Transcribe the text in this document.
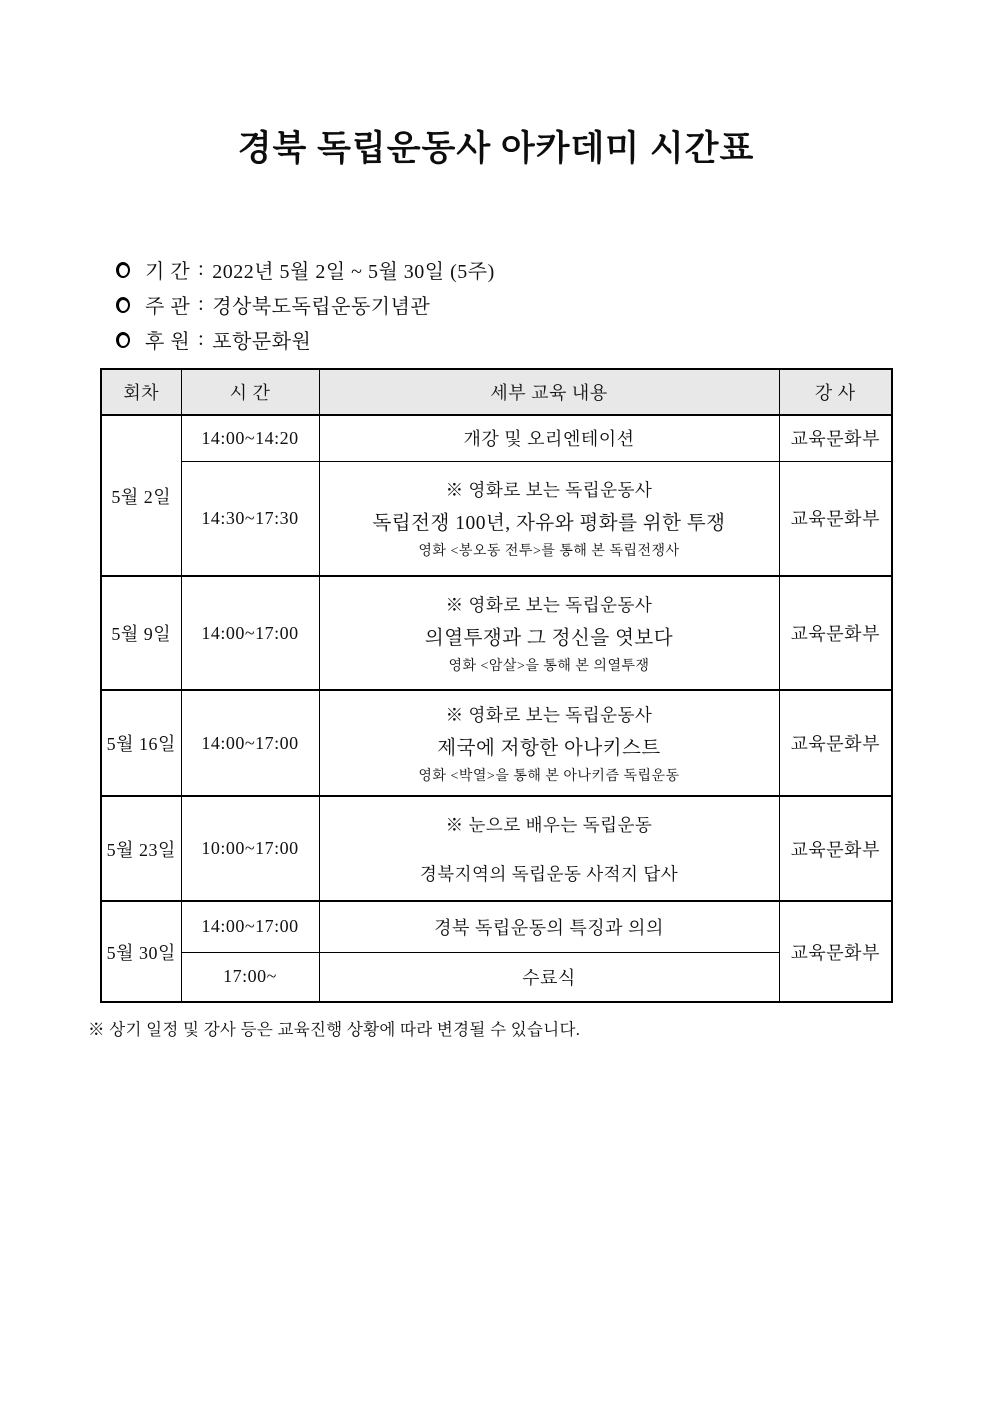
경북 독립운동사 아카데미 시간표
기 간 : 2022년 5월 2일 ~ 5월 30일 (5주)
주 관 : 경상북도독립운동기념관
후 원 : 포항문화원
회차	시 간	세부 교육 내용	강 사
5월 2일	14:00~14:20	개강 및 오리엔테이션	교육문화부
	14:30~17:30	※ 영화로 보는 독립운동사
독립전쟁 100년, 자유와 평화를 위한 투쟁
영화 <봉오동 전투>를 통해 본 독립전쟁사	교육문화부
5월 9일	14:00~17:00	※ 영화로 보는 독립운동사
의열투쟁과 그 정신을 엿보다
영화 <암살>을 통해 본 의열투쟁	교육문화부
5월 16일	14:00~17:00	※ 영화로 보는 독립운동사
제국에 저항한 아나키스트
영화 <박열>을 통해 본 아나키즘 독립운동	교육문화부
5월 23일	10:00~17:00	※ 눈으로 배우는 독립운동
경북지역의 독립운동 사적지 답사	교육문화부
5월 30일	14:00~17:00	경북 독립운동의 특징과 의의	교육문화부
	17:00~	수료식	
※ 상기 일정 및 강사 등은 교육진행 상황에 따라 변경될 수 있습니다.
